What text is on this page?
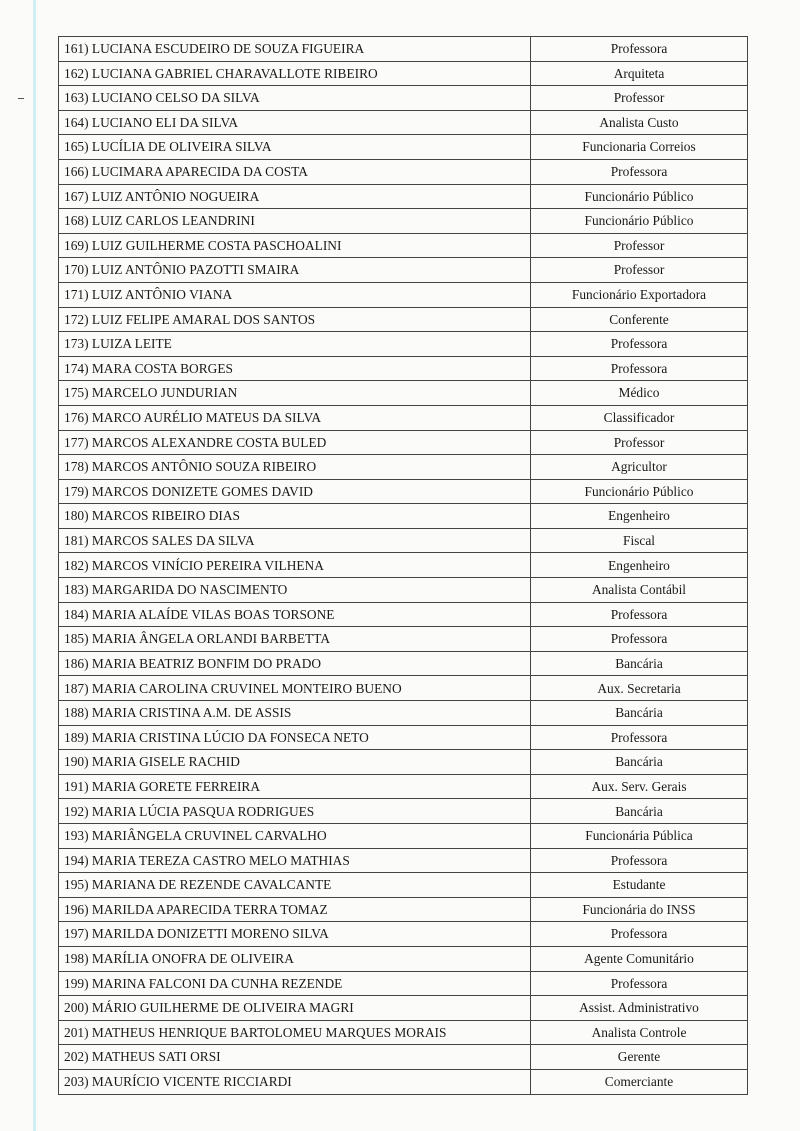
161) LUCIANA ESCUDEIRO DE SOUZA FIGUEIRA	Professora
162) LUCIANA GABRIEL CHARAVALLOTE RIBEIRO	Arquiteta
163) LUCIANO CELSO DA SILVA	Professor
164) LUCIANO ELI DA SILVA	Analista Custo
165) LUCÍLIA DE OLIVEIRA SILVA	Funcionaria Correios
166) LUCIMARA APARECIDA DA COSTA	Professora
167) LUIZ ANTÔNIO NOGUEIRA	Funcionário Público
168) LUIZ CARLOS LEANDRINI	Funcionário Público
169) LUIZ GUILHERME COSTA PASCHOALINI	Professor
170) LUIZ ANTÔNIO PAZOTTI SMAIRA	Professor
171) LUIZ ANTÔNIO VIANA	Funcionário Exportadora
172) LUIZ FELIPE AMARAL DOS SANTOS	Conferente
173) LUIZA LEITE	Professora
174) MARA COSTA BORGES	Professora
175) MARCELO JUNDURIAN	Médico
176) MARCO AURÉLIO MATEUS DA SILVA	Classificador
177) MARCOS ALEXANDRE COSTA BULED	Professor
178) MARCOS ANTÔNIO SOUZA RIBEIRO	Agricultor
179) MARCOS DONIZETE GOMES DAVID	Funcionário Público
180) MARCOS RIBEIRO DIAS	Engenheiro
181) MARCOS SALES DA SILVA	Fiscal
182) MARCOS VINÍCIO PEREIRA VILHENA	Engenheiro
183) MARGARIDA DO NASCIMENTO	Analista Contábil
184) MARIA ALAÍDE VILAS BOAS TORSONE	Professora
185) MARIA ÂNGELA ORLANDI BARBETTA	Professora
186) MARIA BEATRIZ BONFIM DO PRADO	Bancária
187) MARIA CAROLINA CRUVINEL MONTEIRO BUENO	Aux. Secretaria
188) MARIA CRISTINA A.M. DE ASSIS	Bancária
189) MARIA CRISTINA LÚCIO DA FONSECA NETO	Professora
190) MARIA GISELE RACHID	Bancária
191) MARIA GORETE FERREIRA	Aux. Serv. Gerais
192) MARIA LÚCIA PASQUA RODRIGUES	Bancária
193) MARIÂNGELA CRUVINEL CARVALHO	Funcionária Pública
194) MARIA TEREZA CASTRO MELO MATHIAS	Professora
195) MARIANA DE REZENDE CAVALCANTE	Estudante
196) MARILDA APARECIDA TERRA TOMAZ	Funcionária do INSS
197) MARILDA DONIZETTI MORENO SILVA	Professora
198) MARÍLIA ONOFRA DE OLIVEIRA	Agente Comunitário
199) MARINA FALCONI DA CUNHA REZENDE	Professora
200) MÁRIO GUILHERME DE OLIVEIRA MAGRI	Assist. Administrativo
201) MATHEUS HENRIQUE BARTOLOMEU MARQUES MORAIS	Analista Controle
202) MATHEUS SATI ORSI	Gerente
203) MAURÍCIO VICENTE RICCIARDI	Comerciante
